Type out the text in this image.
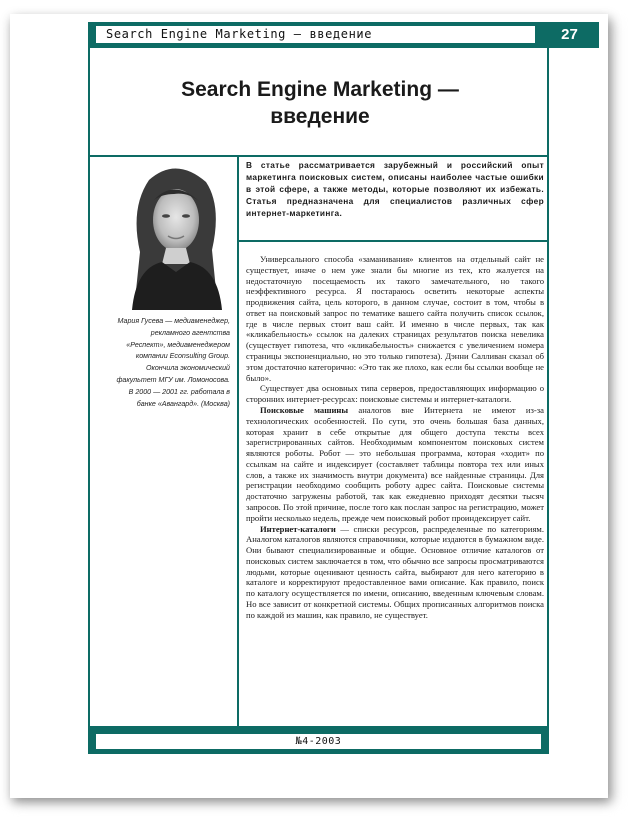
Search Engine Marketing — введение	27
Search Engine Marketing —
введение
Мария Гусева — медиаменеджер, рекламного агентства «Респект», медиаменеджером компании Econsulting Group. Окончила экономический факультет МГУ им. Ломоносова. В 2000 — 2001 гг. работала в банке «Авангард». (Москва)
В статье рассматривается зарубежный и российский опыт маркетинга поисковых систем, описаны наиболее частые ошибки в этой сфере, а также методы, которые позволяют их избежать. Статья предназначена для специалистов различных сфер интернет-маркетинга.

Универсального способа «заманивания» клиентов на отдельный сайт не существует, иначе о нем уже знали бы многие из тех, кто жалуется на недостаточную посещаемость их такого замечательного, но такого неэффективного ресурса. Я постараюсь осветить некоторые аспекты продвижения сайта, цель которого, в данном случае, состоит в том, чтобы в ответ на поисковый запрос по тематике вашего сайта получить список ссылок, где в числе первых стоит ваш сайт. И именно в числе первых, так как «кликабельность» ссылок на далеких страницах результатов поиска невелика (существует гипотеза, что «кликабельность» снижается с увеличением номера страницы экспоненциально, но это только гипотеза). Дэнни Салливан сказал об этом достаточно категорично: «Это так же плохо, как если бы ссылки вообще не было».

Существует два основных типа серверов, предоставляющих информацию о сторонних интернет-ресурсах: поисковые системы и интернет-каталоги.

Поисковые машины аналогов вне Интернета не имеют из-за технологических особенностей. По сути, это очень большая база данных, которая хранит в себе открытые для общего доступа тексты всех зарегистрированных сайтов. Необходимым компонентом поисковых систем являются роботы. Робот — это небольшая программа, которая «ходит» по ссылкам на сайте и индексирует (составляет таблицы повтора тех или иных слов, а также их значимость внутри документа) все найденные страницы. Для регистрации необходимо сообщить роботу адрес сайта. Поисковые системы достаточно загружены работой, так как ежедневно приходят десятки тысяч запросов. По этой причине, после того как послан запрос на регистрацию, может пройти несколько недель, прежде чем поисковый робот проиндексирует сайт.

Интернет-каталоги — списки ресурсов, распределенные по категориям. Аналогом каталогов являются справочники, которые издаются в бумажном виде. Они бывают специализированные и общие. Основное отличие каталогов от поисковых систем заключается в том, что обычно все запросы просматриваются людьми, которые оценивают ценность сайта, выбирают для него категорию в каталоге и корректируют предоставленное вами описание. Как правило, поиск по каталогу осуществляется по имени, описанию, введенным ключевым словам. Но все зависит от конкретной системы. Общих прописанных алгоритмов поиска по каждой из машин, как правило, не существует.

№4-2003
